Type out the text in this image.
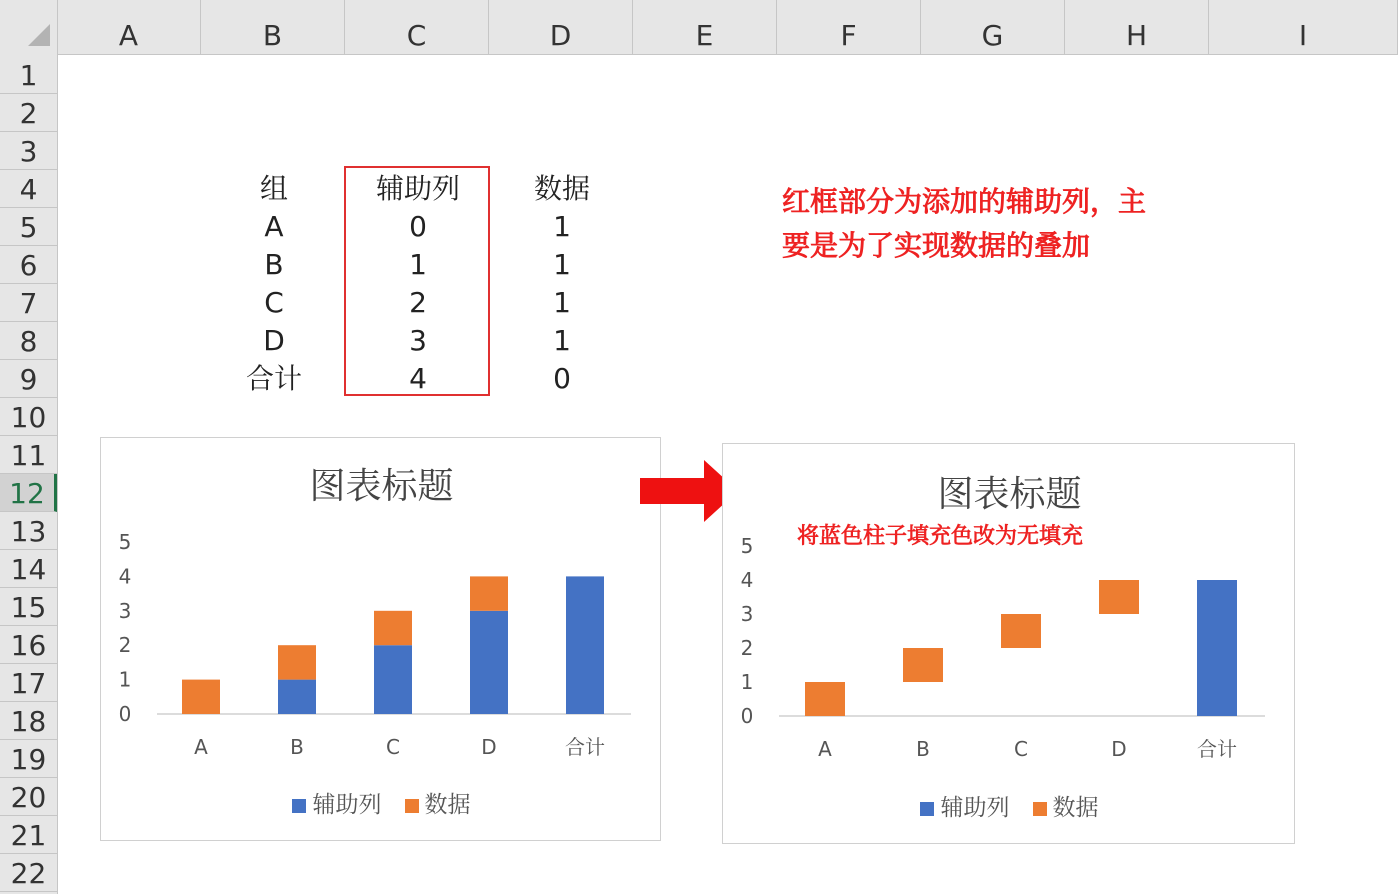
A	B	C	D	E	F	G	H	I
1
2
3
4
5
6
7
8
9
10
11
12
13
14
15
16
17
18
19
20
21
22
组	辅助列	数据
A	0	1
B	1	1
C	2	1
D	3	1
合计	4	0
红框部分为添加的辅助列，主
要是为了实现数据的叠加
图表标题
0
1
2
3
4
5
A	B	C	D	合计
辅助列 数据
图表标题
将蓝色柱子填充色改为无填充
0
1
2
3
4
5
A	B	C	D	合计
辅助列 数据
